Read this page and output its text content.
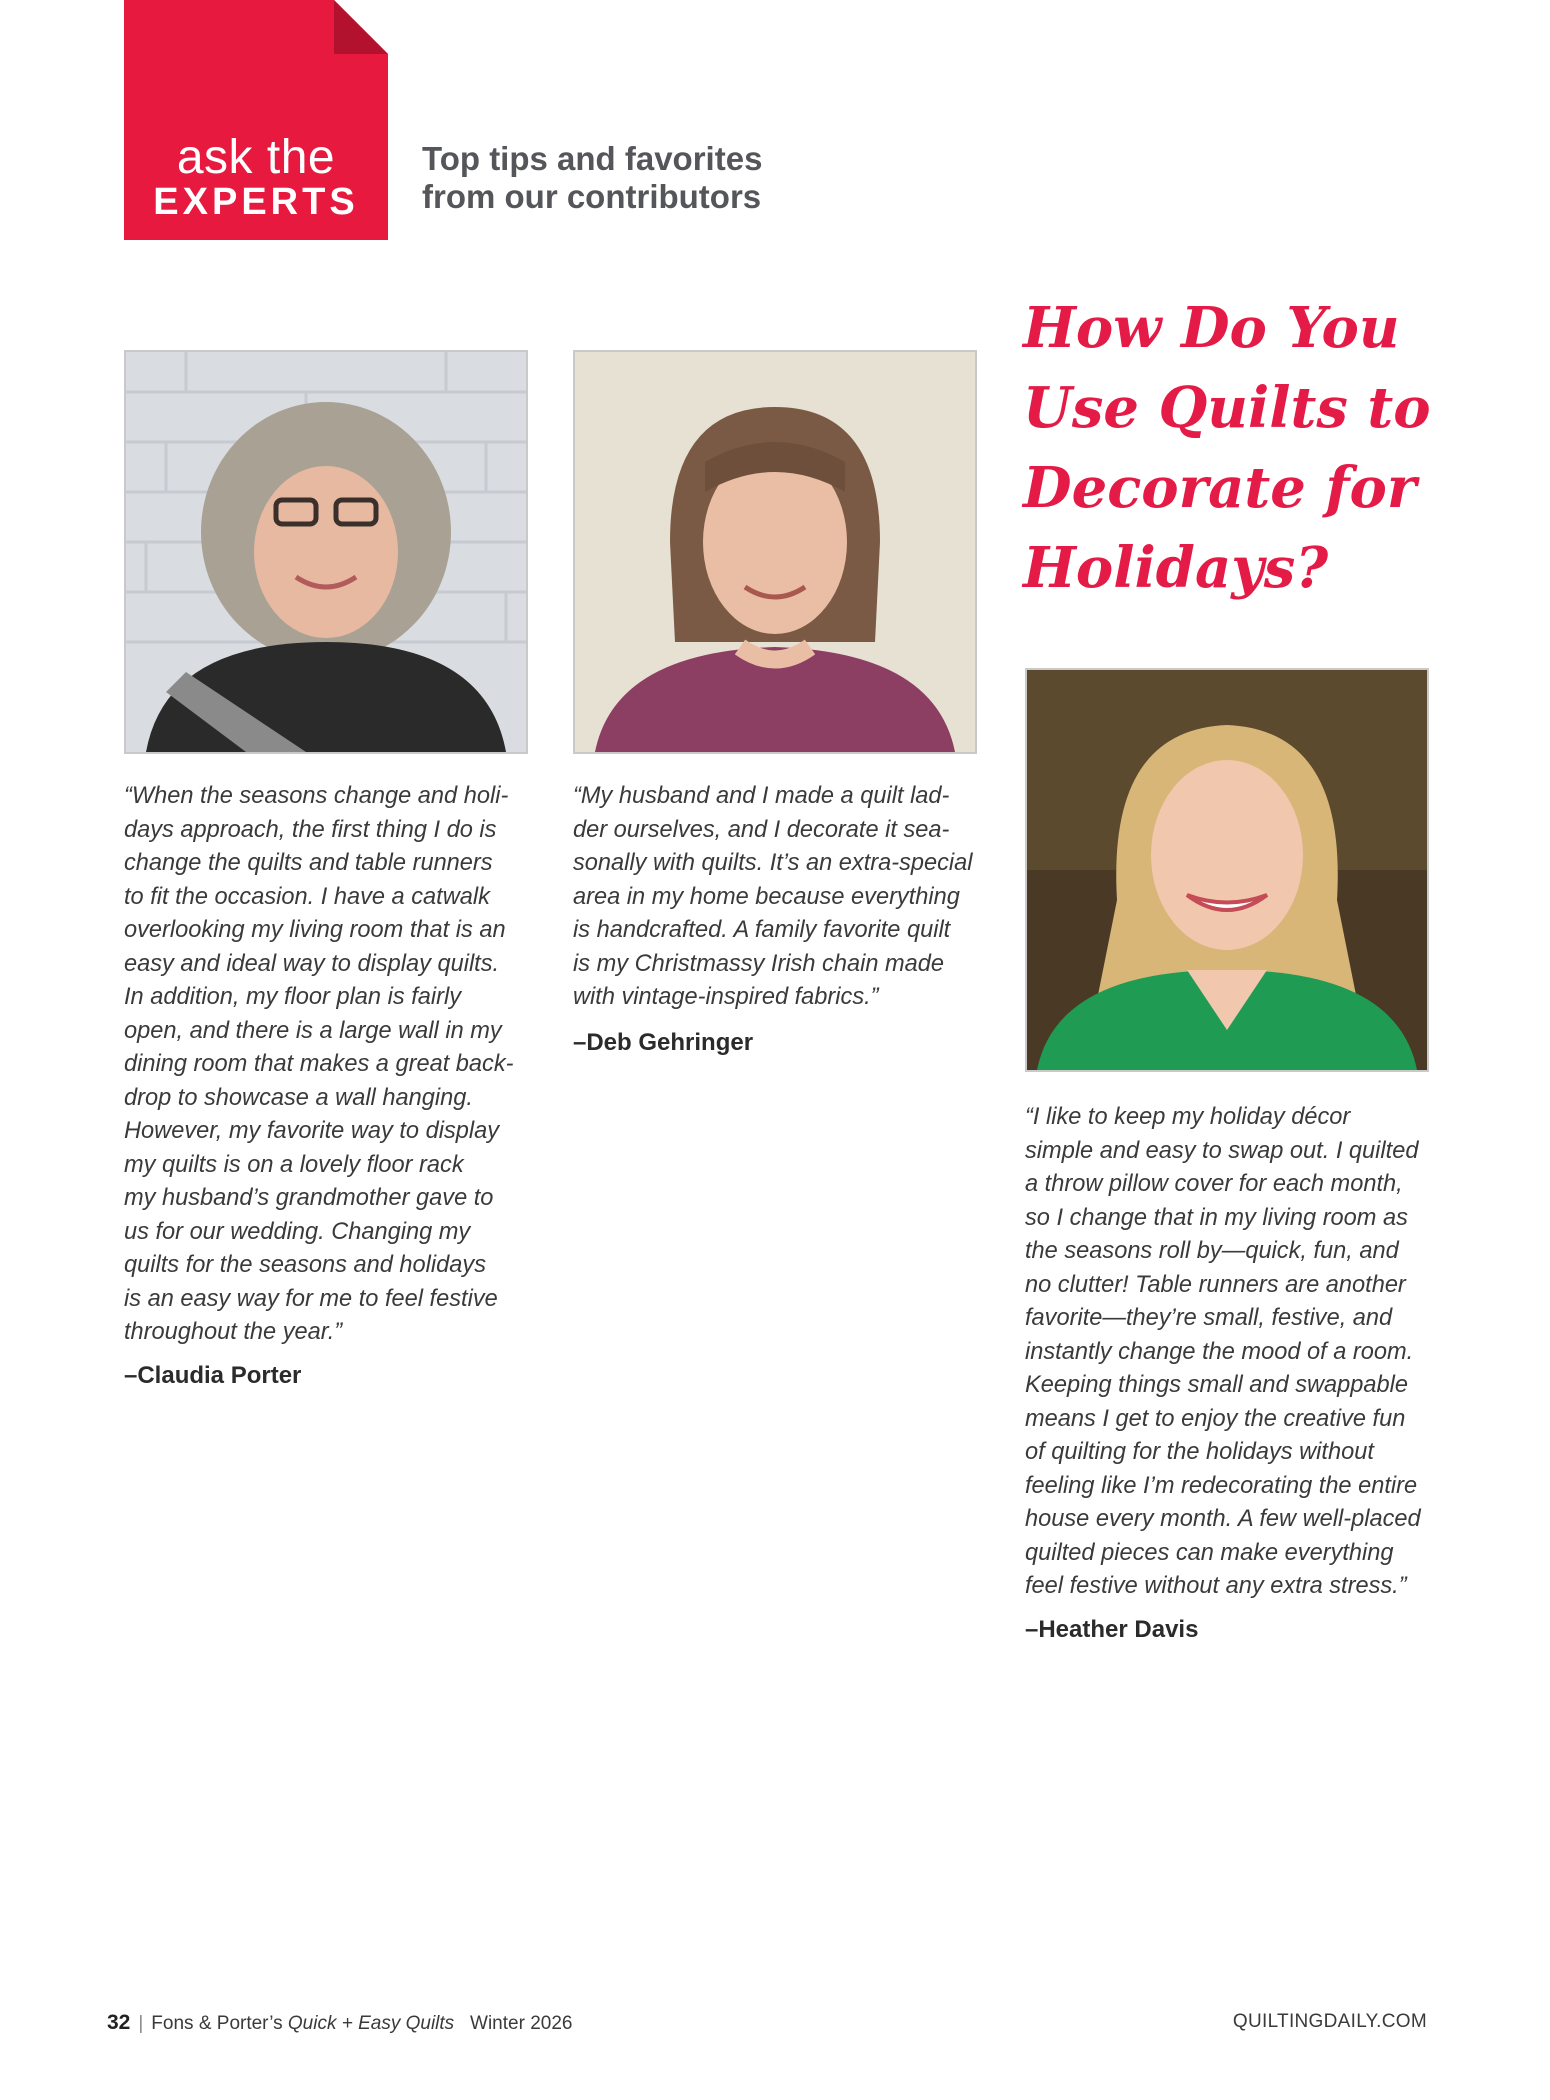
ask the
EXPERTS
Top tips and favorites
from our contributors
How Do You
Use Quilts to
Decorate for
Holidays?
“When the seasons change and holi-
days approach, the first thing I do is
change the quilts and table runners
to fit the occasion. I have a catwalk
overlooking my living room that is an
easy and ideal way to display quilts.
In addition, my floor plan is fairly
open, and there is a large wall in my
dining room that makes a great back-
drop to showcase a wall hanging.
However, my favorite way to display
my quilts is on a lovely floor rack
my husband’s grandmother gave to
us for our wedding. Changing my
quilts for the seasons and holidays
is an easy way for me to feel festive
throughout the year.”
–Claudia Porter
“My husband and I made a quilt lad-
der ourselves, and I decorate it sea-
sonally with quilts. It’s an extra-special
area in my home because everything
is handcrafted. A family favorite quilt
is my Christmassy Irish chain made
with vintage-inspired fabrics.”
–Deb Gehringer
“I like to keep my holiday décor
simple and easy to swap out. I quilted
a throw pillow cover for each month,
so I change that in my living room as
the seasons roll by—quick, fun, and
no clutter! Table runners are another
favorite—they’re small, festive, and
instantly change the mood of a room.
Keeping things small and swappable
means I get to enjoy the creative fun
of quilting for the holidays without
feeling like I’m redecorating the entire
house every month. A few well-placed
quilted pieces can make everything
feel festive without any extra stress.”
–Heather Davis
32 | Fons & Porter’s Quick + Easy Quilts Winter 2026	QUILTINGDAILY.COM
